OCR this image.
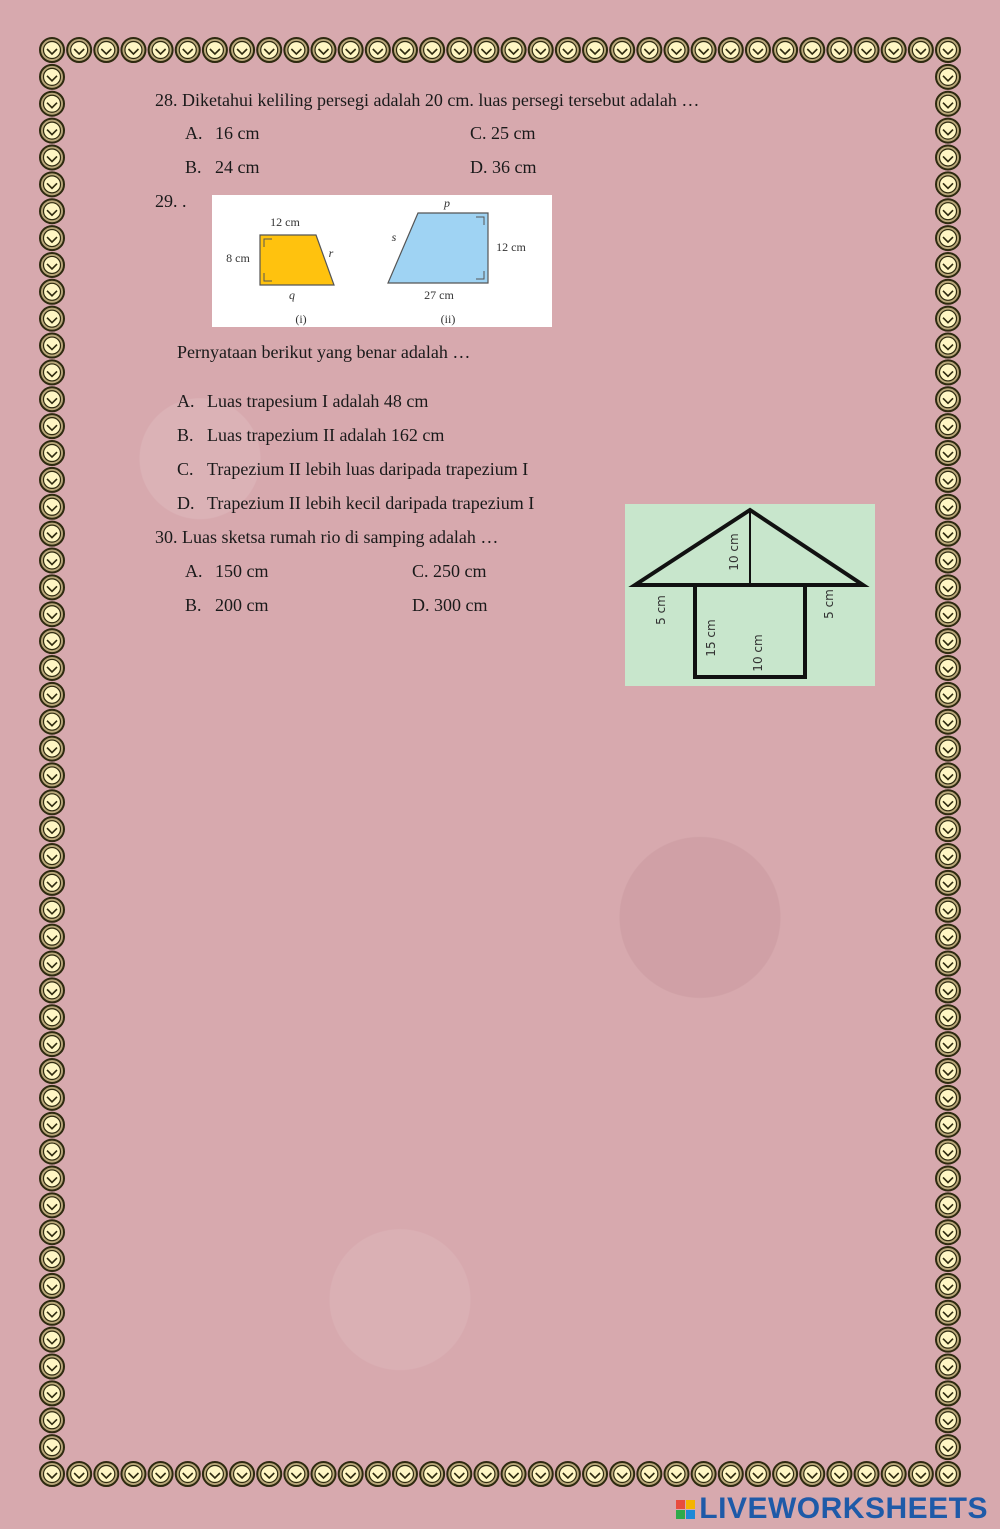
28. Diketahui keliling persegi adalah 20 cm. luas persegi tersebut adalah …
A. 16 cm	C. 25 cm
B. 24 cm	D. 36 cm
29. .
12 cm
8 cm	r
q
(i)
p
s
12 cm
27 cm
(ii)
Pernyataan berikut yang benar adalah …
A. Luas trapesium I adalah 48 cm
B. Luas trapezium II adalah 162 cm
C. Trapezium II lebih luas daripada trapezium I
D. Trapezium II lebih kecil daripada trapezium I
30. Luas sketsa rumah rio di samping adalah …
A. 150 cm	C. 250 cm
B. 200 cm	D. 300 cm
10 cm
5 cm	5 cm
15 cm	10 cm
LIVEWORKSHEETS
